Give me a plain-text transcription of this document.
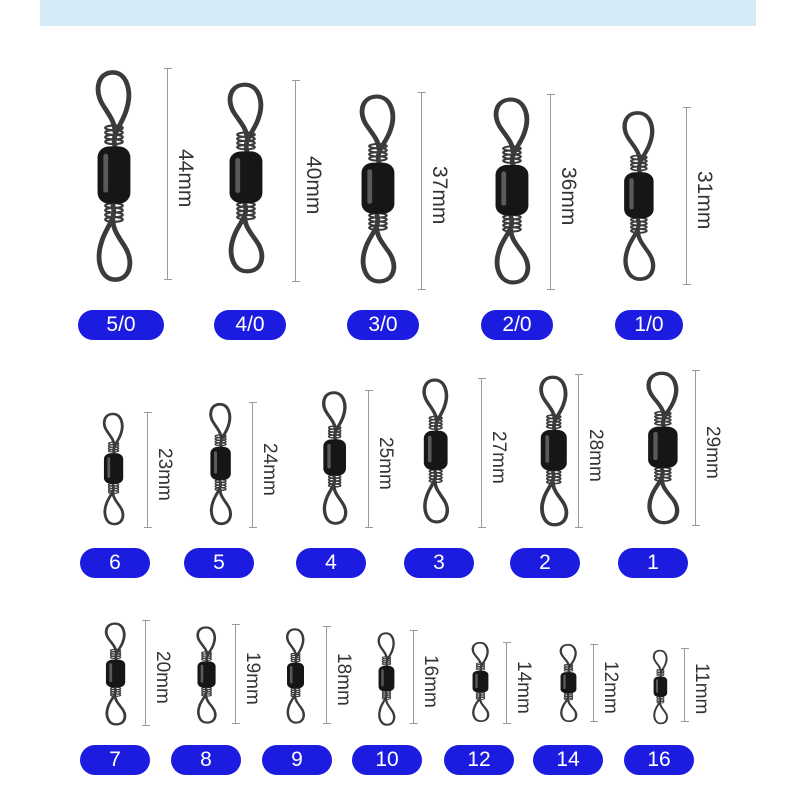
44mm
5/0
40mm
4/0
37mm
3/0
36mm
2/0
31mm
1/0
23mm
6
24mm
5
25mm
4
27mm
3
28mm
2
29mm
1
20mm
7
19mm
8
18mm
9
16mm
10
14mm
12
12mm
14
11mm
16
